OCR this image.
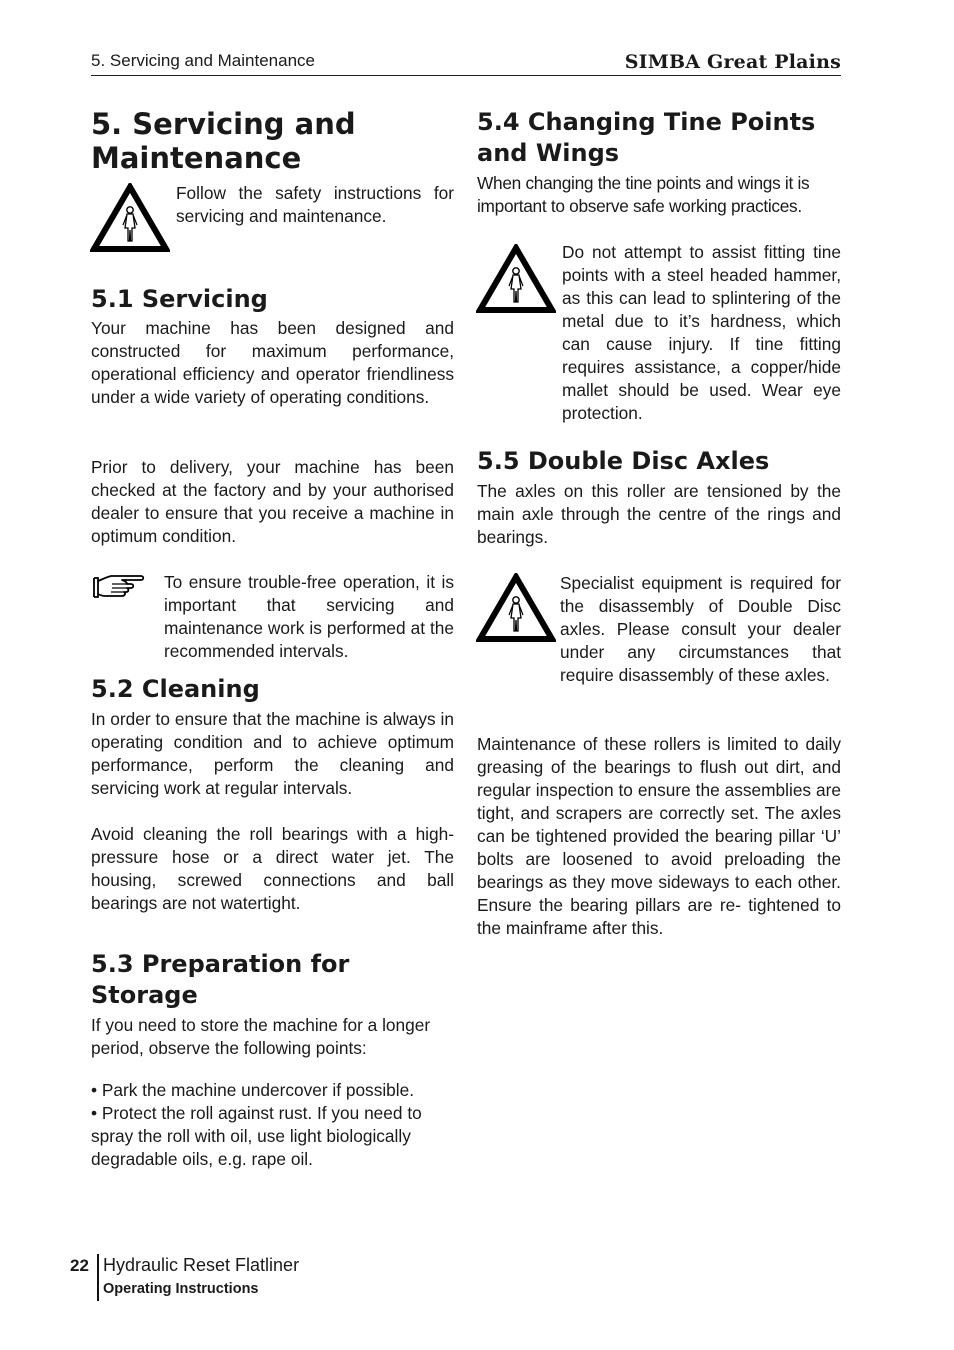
5. Servicing and Maintenance	SIMBA Great Plains
5. Servicing and
Maintenance
Follow the safety instructions for servicing and maintenance.
5.1 Servicing
Your machine has been designed and constructed for maximum performance, operational efficiency and operator friendliness under a wide variety of operating conditions.
Prior to delivery, your machine has been checked at the factory and by your authorised dealer to ensure that you receive a machine in optimum condition.
To ensure trouble-free operation, it is important that servicing and maintenance work is performed at the recommended intervals.
5.2 Cleaning
In order to ensure that the machine is always in operating condition and to achieve optimum performance, perform the cleaning and servicing work at regular intervals.
Avoid cleaning the roll bearings with a high- pressure hose or a direct water jet. The housing, screwed connections and ball bearings are not watertight.
5.3 Preparation for
Storage
If you need to store the machine for a longer period, observe the following points:
• Park the machine undercover if possible.
• Protect the roll against rust. If you need to spray the roll with oil, use light biologically degradable oils, e.g. rape oil.
5.4 Changing Tine Points
and Wings
When changing the tine points and wings it is important to observe safe working practices.
Do not attempt to assist fitting tine points with a steel headed hammer, as this can lead to splintering of the metal due to it’s hardness, which can cause injury. If tine fitting requires assistance, a copper/hide mallet should be used. Wear eye protection.
5.5 Double Disc Axles
The axles on this roller are tensioned by the main axle through the centre of the rings and bearings.
Specialist equipment is required for the disassembly of Double Disc axles. Please consult your dealer under any circumstances that require disassembly of these axles.
Maintenance of these rollers is limited to daily greasing of the bearings to flush out dirt, and regular inspection to ensure the assemblies are tight, and scrapers are correctly set. The axles can be tightened provided the bearing pillar ‘U’ bolts are loosened to avoid preloading the bearings as they move sideways to each other. Ensure the bearing pillars are re- tightened to the mainframe after this.
22 Hydraulic Reset Flatliner
Operating Instructions
